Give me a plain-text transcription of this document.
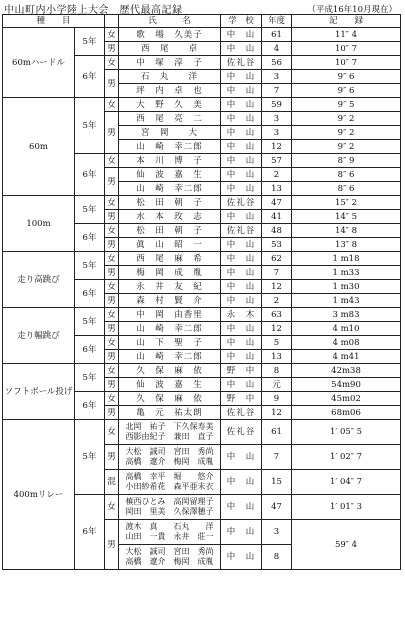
中山町内小学陸上大会　歴代最高記録	（平成16年10月現在）
種　　目			氏　　　名	学　校	年度	記　　録
60mハードル	5年	女	歌　場　久美子	中　山	61	11″ 4
		男	西　尾　　卓	中　山	4	10″ 7
	6年	女	中　塚　淳　子	佐礼谷	56	10″ 7
		男	石　丸　　洋	中　山	3	9″ 6
			坪　内　卓　也	中　山	7	9″ 6
60m	5年	女	大　野　久　美	中　山	59	9″ 5
		男	西　尾　亮　二	中　山	3	9″ 2
			宮　岡　　大	中　山	3	9″ 2
			山　崎　幸二郎	中　山	12	9″ 2
	6年	女	本　川　博　子	中　山	57	8″ 9
		男	仙　波　嘉　生	中　山	2	8″ 6
			山　崎　幸二郎	中　山	13	8″ 6
100m	5年	女	松　田　朝　子	佐礼谷	47	15″ 2
		男	水　本　玫　志	中　山	41	14″ 5
	6年	女	松　田　朝　子	佐礼谷	48	14″ 8
		男	眞　山　昭　一	中　山	53	13″ 8
走り高跳び	5年	女	西　尾　麻　希	中　山	62	1 m18
		男	梅　岡　成　胤	中　山	7	1 m33
	6年	女	永　井　友　紀	中　山	12	1 m30
		男	森　村　賢　介	中　山	2	1 m43
走り幅跳び	5年	女	中　岡　由香里	永　木	63	3 m83
		男	山　崎　幸二郎	中　山	12	4 m10
	6年	女	山　下　聖　子	中　山	5	4 m08
		男	山　崎　幸二郎	中　山	13	4 m41
ソフトボール投げ	5年	女	久　保　麻　依	野　中	8	42m38
		男	仙　波　嘉　生	中　山	元	54m90
	6年	女	久　保　麻　依	野　中	9	45m02
		男	亀　元　祐太朗	佐礼谷	12	68m06
400mリレー	5年	女	北岡　祐子　下久保寿美
西影由紀子　兼田　直子	佐礼谷	61	1′ 05″ 5
		男	大松　誠司　宮田　秀尚
高橋　遼介　梅岡　成胤	中　山	7	1′ 02″ 7
		混	高橋　幸平　堀　　悠介
小田紗希花　森平亜未衣	中　山	15	1′ 04″ 7
	6年	女	槙西ひとみ　高岡留理子
岡田　里美　久保澤穂子	中　山	47	1′ 01″ 3
		男	渡木　真　　石丸　　洋
山田　一貴　永井　莊一	中　山	3	59″ 4

			大松　誠司　宮田　秀尚
高橋　遼介　梅岡　成胤	中　山	8	
